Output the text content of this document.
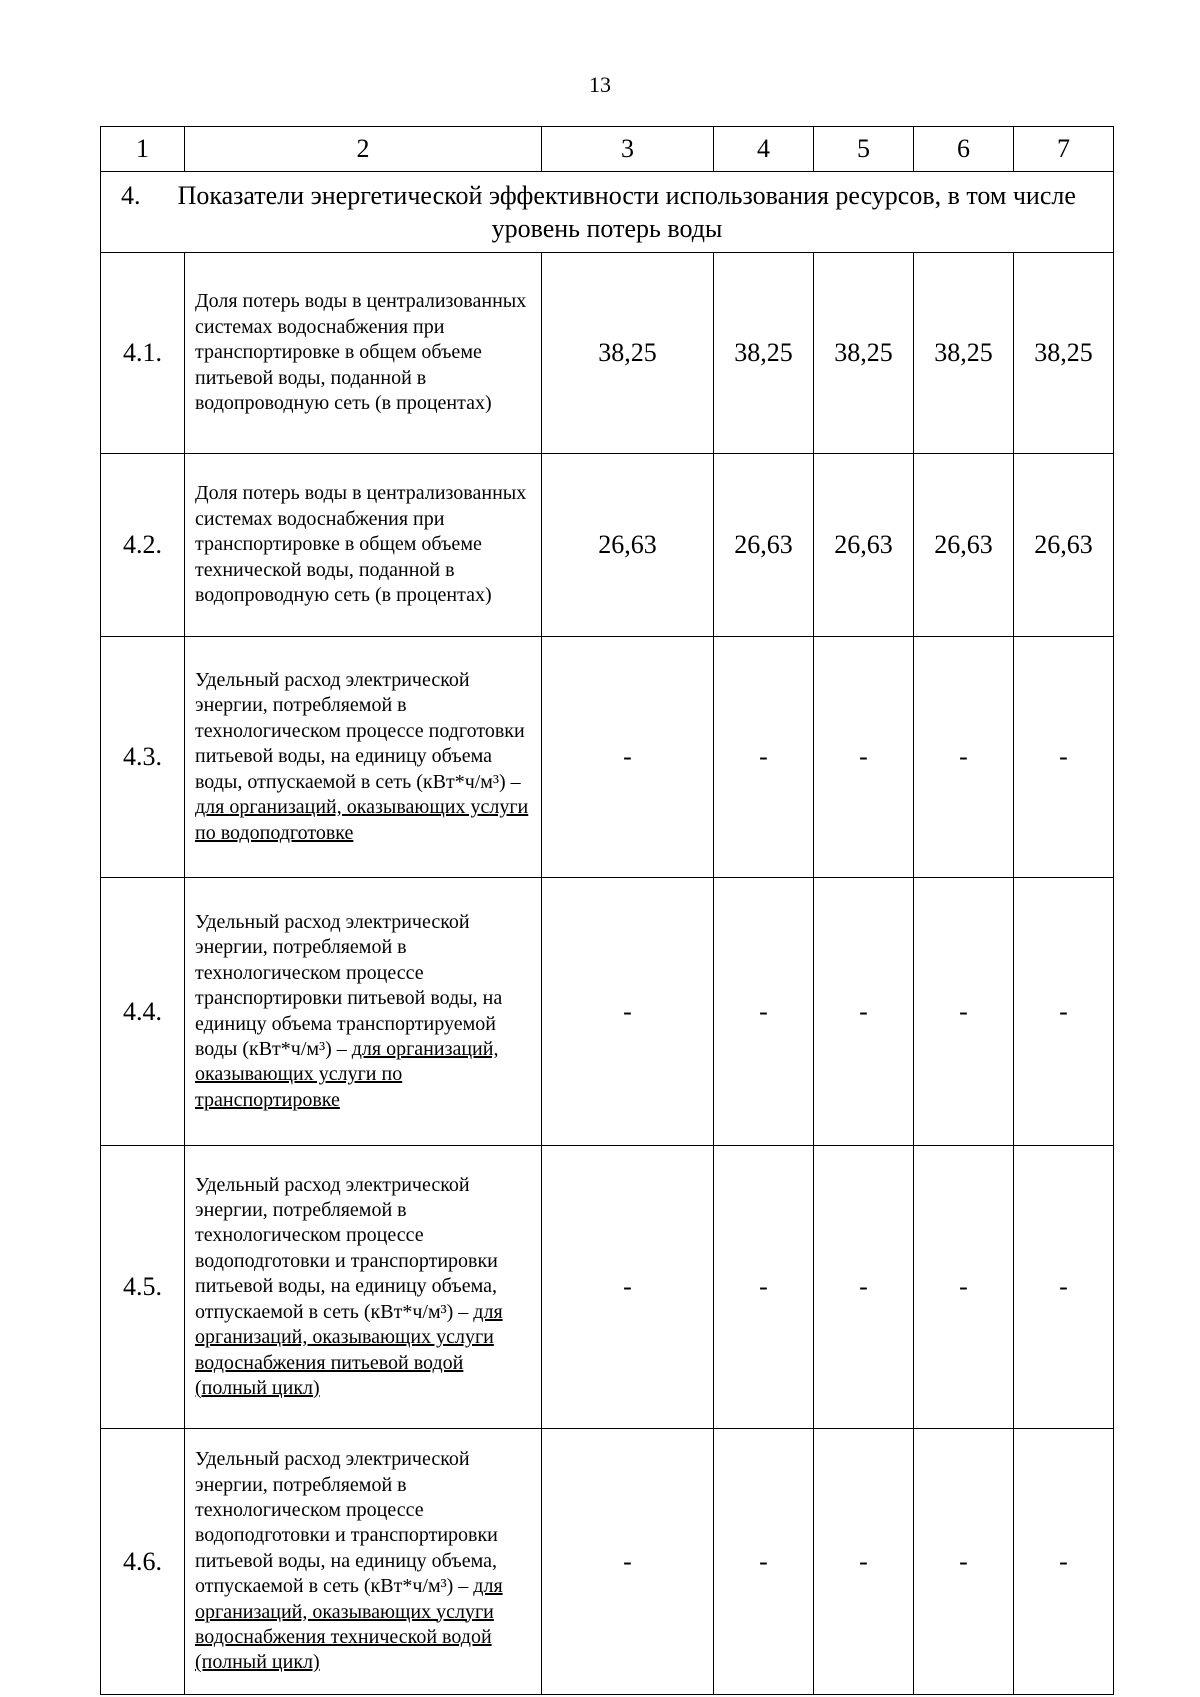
13
1	2	3	4	5	6	7

4. Показатели энергетической эффективности использования ресурсов, в том числе уровень потерь воды						

4.1.	Доля потерь воды в централизованных системах водоснабжения при транспортировке в общем объеме питьевой воды, поданной в водопроводную сеть (в процентах)	38,25	38,25	38,25	38,25	38,25
4.2.	Доля потерь воды в централизованных системах водоснабжения при транспортировке в общем объеме технической воды, поданной в водопроводную сеть (в процентах)	26,63	26,63	26,63	26,63	26,63
4.3.	Удельный расход электрической энергии, потребляемой в технологическом процессе подготовки питьевой воды, на единицу объема воды, отпускаемой в сеть (кВт*ч/м³) – для организаций, оказывающих услуги по водоподготовке	-	-	-	-	-
4.4.	Удельный расход электрической энергии, потребляемой в технологическом процессе транспортировки питьевой воды, на единицу объема транспортируемой воды (кВт*ч/м³) – для организаций, оказывающих услуги по транспортировке	-	-	-	-	-
4.5.	Удельный расход электрической энергии, потребляемой в технологическом процессе водоподготовки и транспортировки питьевой воды, на единицу объема, отпускаемой в сеть (кВт*ч/м³) – для организаций, оказывающих услуги водоснабжения питьевой водой (полный цикл)	-	-	-	-	-
4.6.	Удельный расход электрической энергии, потребляемой в технологическом процессе водоподготовки и транспортировки питьевой воды, на единицу объема, отпускаемой в сеть (кВт*ч/м³) – для организаций, оказывающих услуги водоснабжения технической водой (полный цикл)	-	-	-	-	-
